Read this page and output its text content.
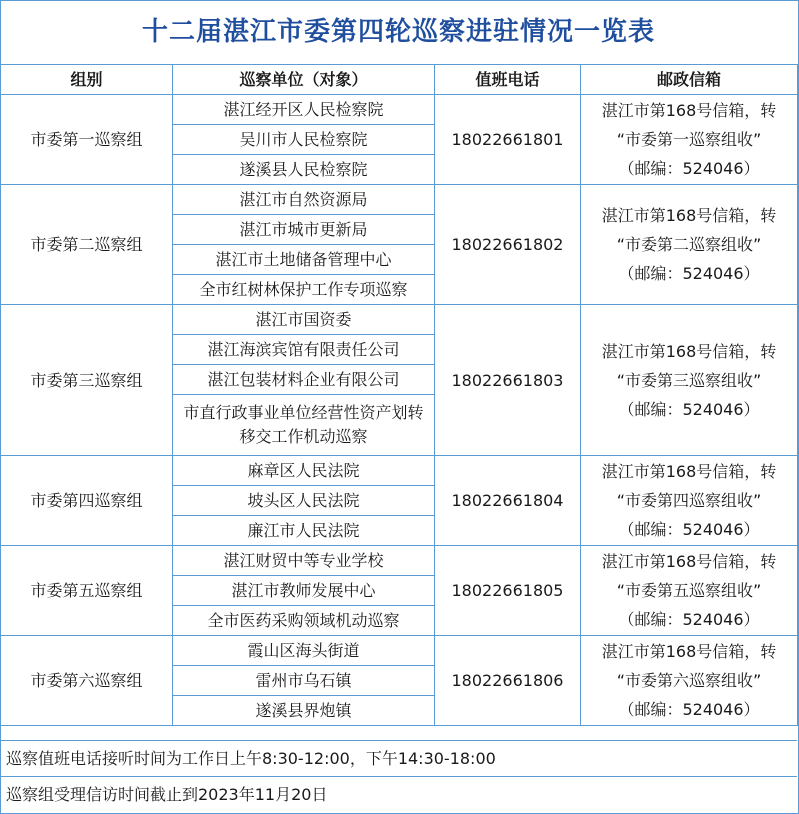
十二届湛江市委第四轮巡察进驻情况一览表
组别	巡察单位（对象）	值班电话	邮政信箱
市委第一巡察组	湛江经开区人民检察院	18022661801	湛江市第168号信箱，转
“市委第一巡察组收”
（邮编：524046）

	吴川市人民检察院		
	遂溪县人民检察院		
市委第二巡察组	湛江市自然资源局	18022661802	湛江市第168号信箱，转
“市委第二巡察组收”
（邮编：524046）

	湛江市城市更新局		
	湛江市土地储备管理中心		
	全市红树林保护工作专项巡察		
市委第三巡察组	湛江市国资委	18022661803	湛江市第168号信箱，转
“市委第三巡察组收”
（邮编：524046）

	湛江海滨宾馆有限责任公司		
	湛江包装材料企业有限公司		
	市直行政事业单位经营性资产划转移交工作机动巡察		
市委第四巡察组	麻章区人民法院	18022661804	湛江市第168号信箱，转
“市委第四巡察组收”
（邮编：524046）

	坡头区人民法院		
	廉江市人民法院		
市委第五巡察组	湛江财贸中等专业学校	18022661805	湛江市第168号信箱，转
“市委第五巡察组收”
（邮编：524046）

	湛江市教师发展中心		
	全市医药采购领域机动巡察		
市委第六巡察组	霞山区海头街道	18022661806	湛江市第168号信箱，转
“市委第六巡察组收”
（邮编：524046）

	雷州市乌石镇		
	遂溪县界炮镇		
巡察值班电话接听时间为工作日上午8:30-12:00，下午14:30-18:00
巡察组受理信访时间截止到2023年11月20日
